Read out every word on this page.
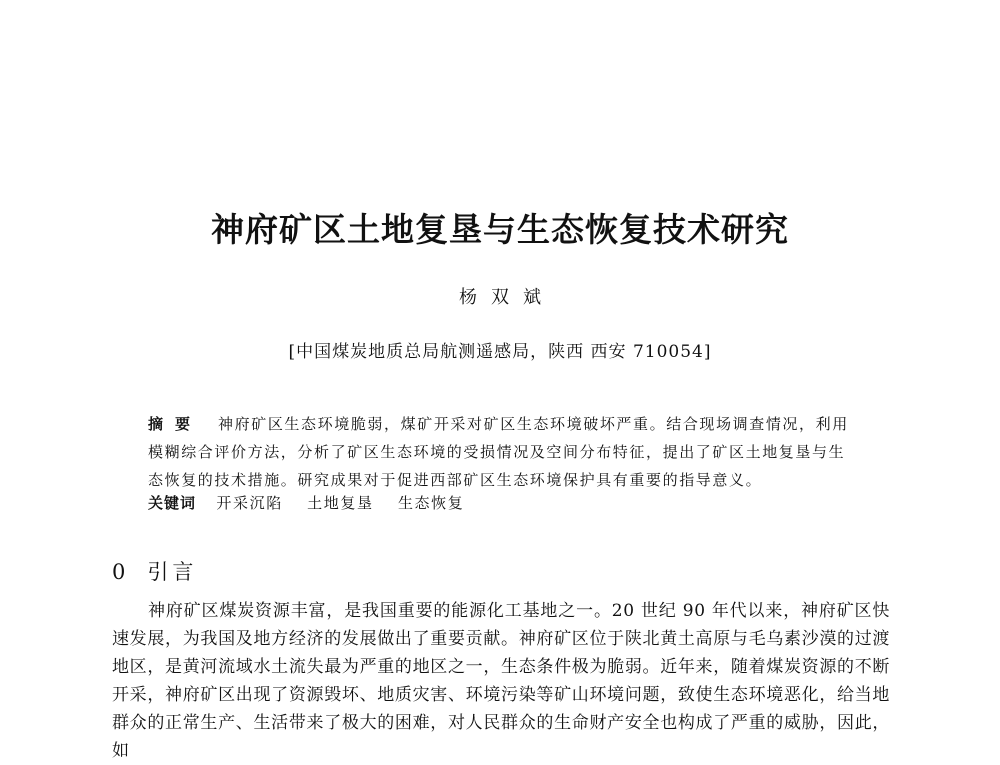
神府矿区土地复垦与生态恢复技术研究
杨双斌
[中国煤炭地质总局航测遥感局，陕西 西安 710054]
摘要 神府矿区生态环境脆弱，煤矿开采对矿区生态环境破坏严重。结合现场调查情况，利用模糊综合评价方法，分析了矿区生态环境的受损情况及空间分布特征，提出了矿区土地复垦与生态恢复的技术措施。研究成果对于促进西部矿区生态环境保护具有重要的指导意义。
关键词 开采沉陷 土地复垦 生态恢复
0 引言

神府矿区煤炭资源丰富，是我国重要的能源化工基地之一。20 世纪 90 年代以来，神府矿区快速发展，为我国及地方经济的发展做出了重要贡献。神府矿区位于陕北黄土高原与毛乌素沙漠的过渡地区，是黄河流域水土流失最为严重的地区之一，生态条件极为脆弱。近年来，随着煤炭资源的不断开采，神府矿区出现了资源毁坏、地质灾害、环境污染等矿山环境问题，致使生态环境恶化，给当地群众的正常生产、生活带来了极大的困难，对人民群众的生命财产安全也构成了严重的威胁，因此，如
